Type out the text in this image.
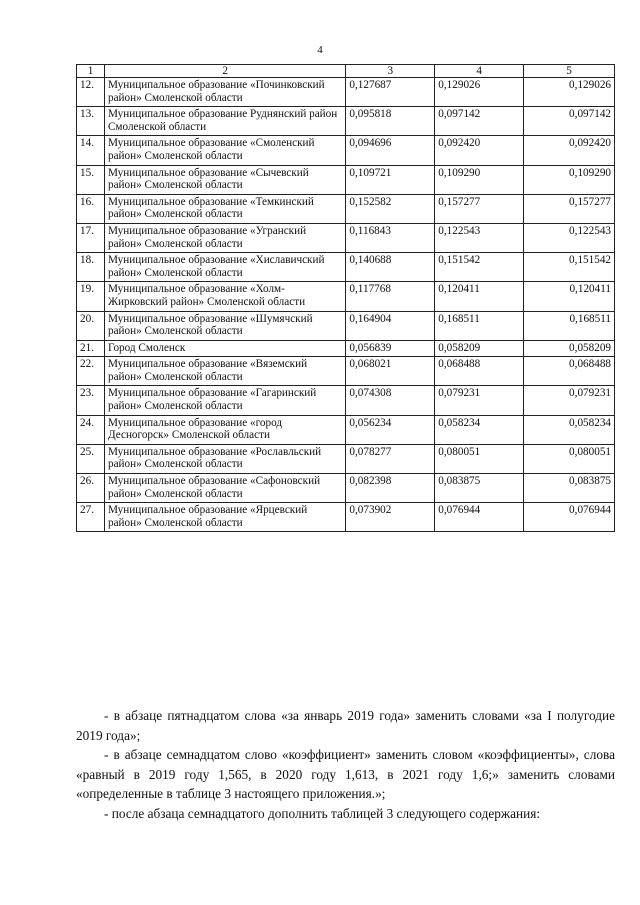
4
1	2	3	4	5
12.	Муниципальное образование «Починковский район» Смоленской области	0,127687	0,129026	0,129026
13.	Муниципальное образование Руднянский район Смоленской области	0,095818	0,097142	0,097142
14.	Муниципальное образование «Смоленский район» Смоленской области	0,094696	0,092420	0,092420
15.	Муниципальное образование «Сычевский район» Смоленской области	0,109721	0,109290	0,109290
16.	Муниципальное образование «Темкинский район» Смоленской области	0,152582	0,157277	0,157277
17.	Муниципальное образование «Угранский район» Смоленской области	0,116843	0,122543	0,122543
18.	Муниципальное образование «Хиславичский район» Смоленской области	0,140688	0,151542	0,151542
19.	Муниципальное образование «Холм-Жирковский район» Смоленской области	0,117768	0,120411	0,120411
20.	Муниципальное образование «Шумячский район» Смоленской области	0,164904	0,168511	0,168511
21.	Город Смоленск	0,056839	0,058209	0,058209
22.	Муниципальное образование «Вяземский район» Смоленской области	0,068021	0,068488	0,068488
23.	Муниципальное образование «Гагаринский район» Смоленской области	0,074308	0,079231	0,079231
24.	Муниципальное образование «город Десногорск» Смоленской области	0,056234	0,058234	0,058234
25.	Муниципальное образование «Рославльский район» Смоленской области	0,078277	0,080051	0,080051
26.	Муниципальное образование «Сафоновский район» Смоленской области	0,082398	0,083875	0,083875
27.	Муниципальное образование «Ярцевский район» Смоленской области	0,073902	0,076944	0,076944
- в абзаце пятнадцатом слова «за январь 2019 года» заменить словами «за I полугодие 2019 года»;
- в абзаце семнадцатом слово «коэффициент» заменить словом «коэффициенты», слова «равный в 2019 году 1,565, в 2020 году 1,613, в 2021 году 1,6;» заменить словами «определенные в таблице 3 настоящего приложения.»;
- после абзаца семнадцатого дополнить таблицей 3 следующего содержания:
